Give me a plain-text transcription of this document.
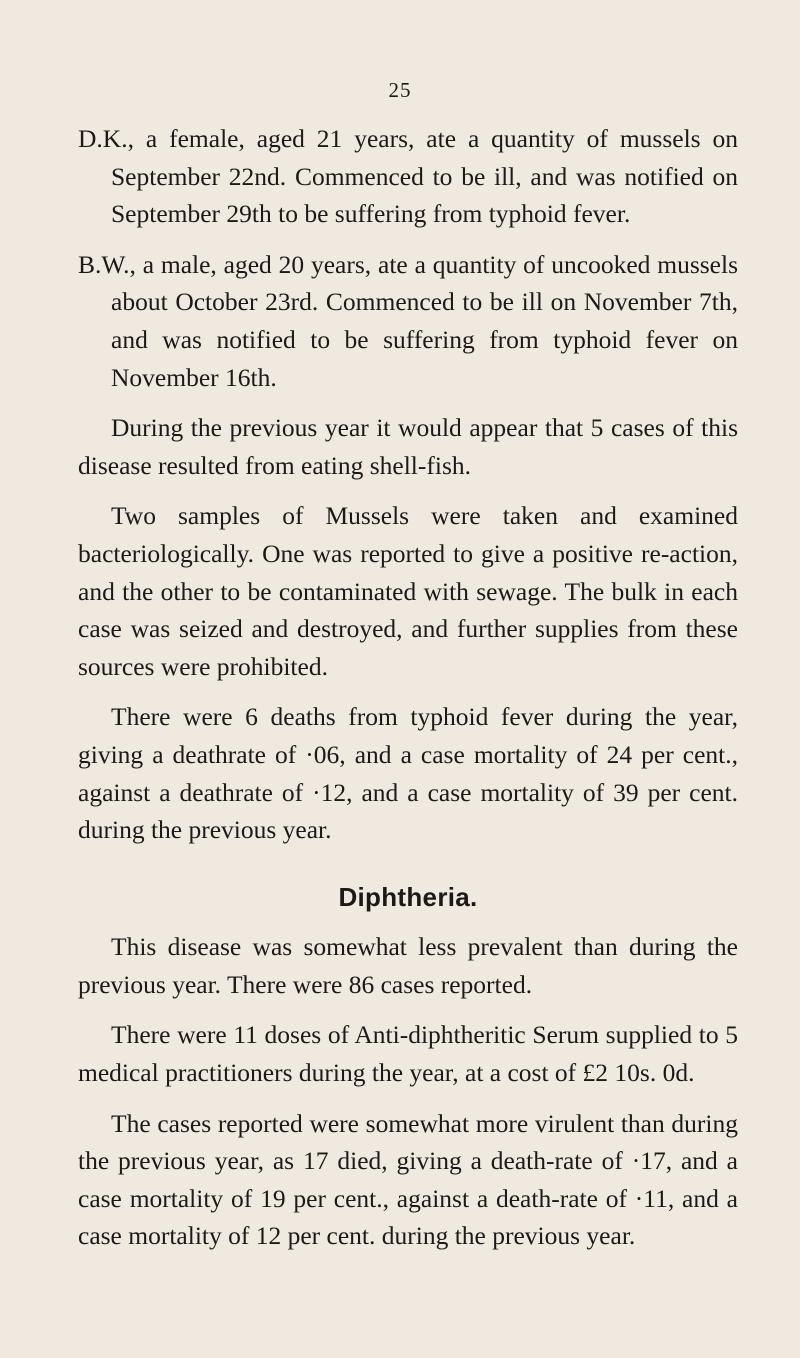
25

D.K., a female, aged 21 years, ate a quantity of mussels on September 22nd. Commenced to be ill, and was notified on September 29th to be suffering from typhoid fever.

B.W., a male, aged 20 years, ate a quantity of uncooked mussels about October 23rd. Commenced to be ill on November 7th, and was notified to be suffering from typhoid fever on November 16th.

During the previous year it would appear that 5 cases of this disease resulted from eating shell-fish.

Two samples of Mussels were taken and examined bacteriologically. One was reported to give a positive re-action, and the other to be contaminated with sewage. The bulk in each case was seized and destroyed, and further supplies from these sources were prohibited.

There were 6 deaths from typhoid fever during the year, giving a deathrate of ·06, and a case mortality of 24 per cent., against a deathrate of ·12, and a case mortality of 39 per cent. during the previous year.

Diphtheria.

This disease was somewhat less prevalent than during the previous year. There were 86 cases reported.

There were 11 doses of Anti-diphtheritic Serum supplied to 5 medical practitioners during the year, at a cost of £2 10s. 0d.

The cases reported were somewhat more virulent than during the previous year, as 17 died, giving a death-rate of ·17, and a case mortality of 19 per cent., against a death-rate of ·11, and a case mortality of 12 per cent. during the previous year.
